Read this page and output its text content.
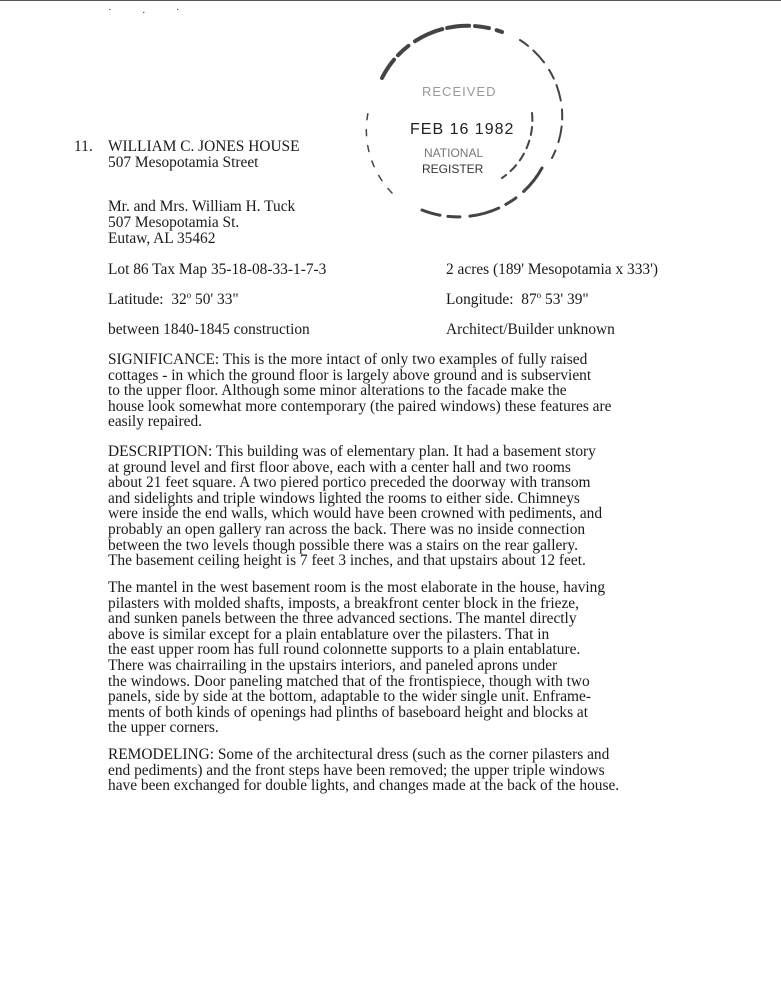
· . ·
RECEIVED
FEB 16 1982
NATIONAL
REGISTER
11. WILLIAM C. JONES HOUSE
507 Mesopotamia Street
Mr. and Mrs. William H. Tuck
507 Mesopotamia St.
Eutaw, AL 35462
Lot 86 Tax Map 35-18-08-33-1-7-3	2 acres (189' Mesopotamia x 333')
Latitude: 32$^o$ 50' 33"	Longitude: 87$^o$ 53' 39"
between 1840-1845 construction	Architect/Builder unknown
SIGNIFICANCE: This is the more intact of only two examples of fully raised
cottages - in which the ground floor is largely above ground and is subservient
to the upper floor. Although some minor alterations to the facade make the
house look somewhat more contemporary (the paired windows) these features are
easily repaired.
DESCRIPTION: This building was of elementary plan. It had a basement story
at ground level and first floor above, each with a center hall and two rooms
about 21 feet square. A two piered portico preceded the doorway with transom
and sidelights and triple windows lighted the rooms to either side. Chimneys
were inside the end walls, which would have been crowned with pediments, and
probably an open gallery ran across the back. There was no inside connection
between the two levels though possible there was a stairs on the rear gallery.
The basement ceiling height is 7 feet 3 inches, and that upstairs about 12 feet.
The mantel in the west basement room is the most elaborate in the house, having
pilasters with molded shafts, imposts, a breakfront center block in the frieze,
and sunken panels between the three advanced sections. The mantel directly
above is similar except for a plain entablature over the pilasters. That in
the east upper room has full round colonnette supports to a plain entablature.
There was chairrailing in the upstairs interiors, and paneled aprons under
the windows. Door paneling matched that of the frontispiece, though with two
panels, side by side at the bottom, adaptable to the wider single unit. Enframe-
ments of both kinds of openings had plinths of baseboard height and blocks at
the upper corners.
REMODELING: Some of the architectural dress (such as the corner pilasters and
end pediments) and the front steps have been removed; the upper triple windows
have been exchanged for double lights, and changes made at the back of the house.
